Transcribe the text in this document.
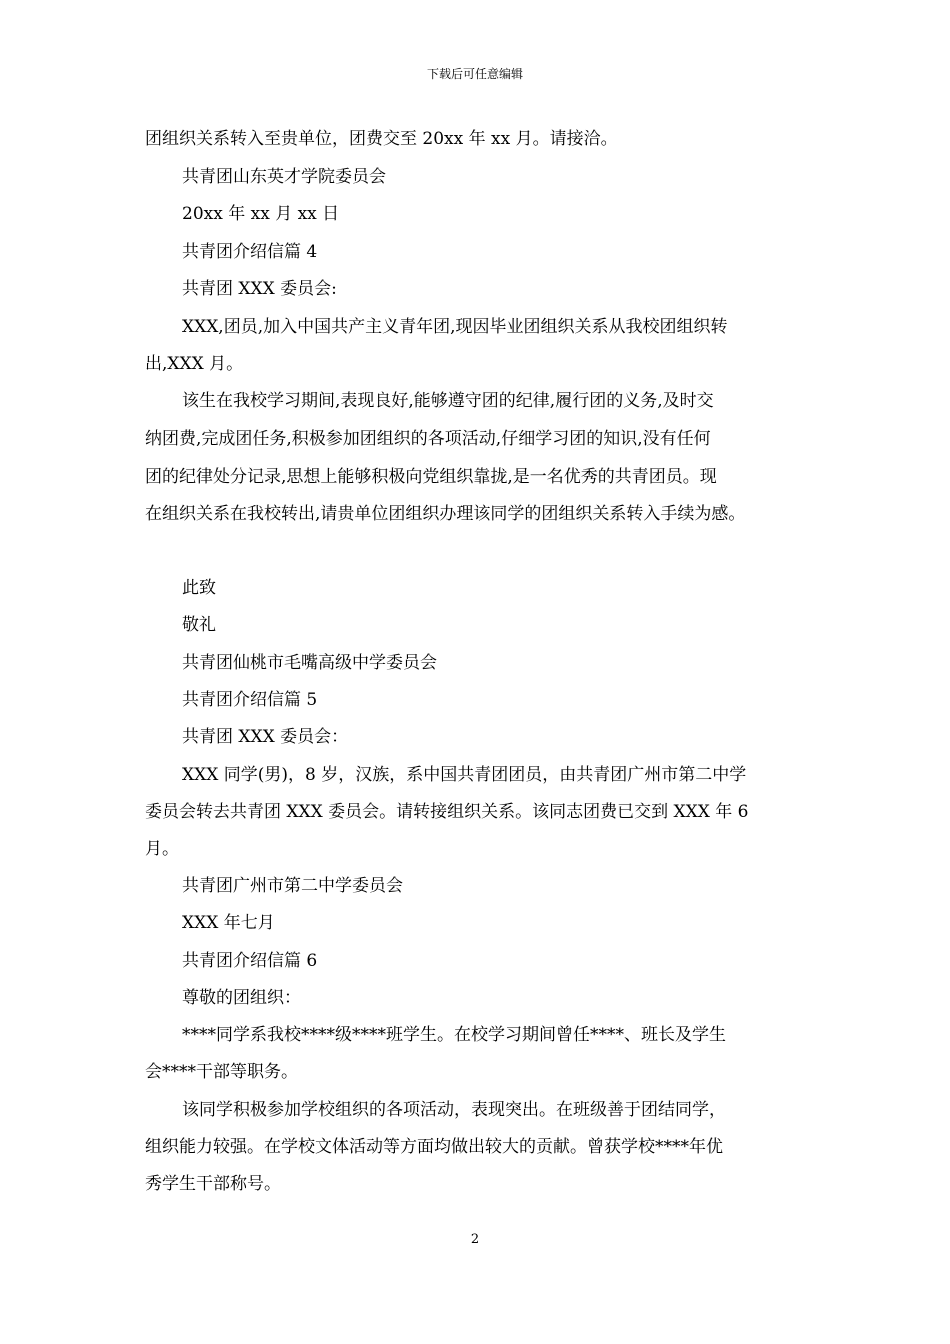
下载后可任意编辑
团组织关系转入至贵单位，团费交至 20xx 年 xx 月。请接洽。
共青团山东英才学院委员会
20xx 年 xx 月 xx 日
共青团介绍信篇 4
共青团 XXX 委员会:
XXX,团员,加入中国共产主义青年团,现因毕业团组织关系从我校团组织转
出,XXX 月。
该生在我校学习期间,表现良好,能够遵守团的纪律,履行团的义务,及时交
纳团费,完成团任务,积极参加团组织的各项活动,仔细学习团的知识,没有任何
团的纪律处分记录,思想上能够积极向党组织靠拢,是一名优秀的共青团员。现
在组织关系在我校转出,请贵单位团组织办理该同学的团组织关系转入手续为感。
此致
敬礼
共青团仙桃市毛嘴高级中学委员会
共青团介绍信篇 5
共青团 XXX 委员会：
XXX 同学(男)，8 岁，汉族，系中国共青团团员，由共青团广州市第二中学
委员会转去共青团 XXX 委员会。请转接组织关系。该同志团费已交到 XXX 年 6
月。
共青团广州市第二中学委员会
XXX 年七月
共青团介绍信篇 6
尊敬的团组织：
****同学系我校****级****班学生。在校学习期间曾任****、班长及学生
会****干部等职务。
该同学积极参加学校组织的各项活动，表现突出。在班级善于团结同学，
组织能力较强。在学校文体活动等方面均做出较大的贡献。曾获学校****年优
秀学生干部称号。
2
